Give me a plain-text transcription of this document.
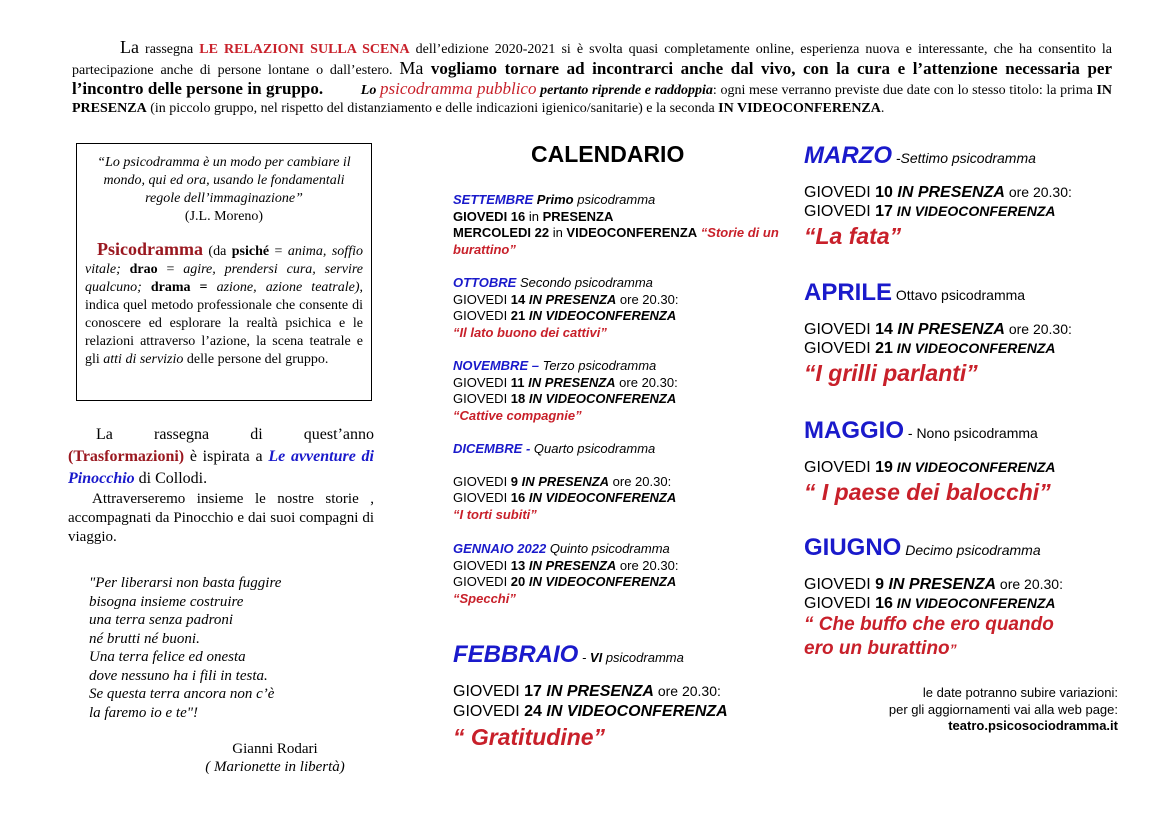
La rassegna LE RELAZIONI SULLA SCENA dell’edizione 2020-2021 si è svolta quasi completamente online, esperienza nuova e interessante, che ha consentito la partecipazione anche di persone lontane o dall’estero. Ma vogliamo tornare ad incontrarci anche dal vivo, con la cura e l’attenzione necessaria per l’incontro delle persone in gruppo.	Lo psicodramma pubblico pertanto riprende e raddoppia: ogni mese verranno previste due date con lo stesso titolo: la prima IN PRESENZA (in piccolo gruppo, nel rispetto del distanziamento e delle indicazioni igienico/sanitarie) e la seconda IN VIDEOCONFERENZA.
“Lo psicodramma è un modo per cambiare il mondo, qui ed ora, usando le fondamentali regole dell’immaginazione”
(J.L. Moreno)
Psicodramma (da psiché = anima, soffio vitale; drao = agire, prendersi cura, servire qualcuno; drama = azione, azione teatrale), indica quel metodo professionale che consente di conoscere ed esplorare la realtà psichica e le relazioni attraverso l’azione, la scena teatrale e gli atti di servizio delle persone del gruppo.
La rassegna di quest’anno (Trasformazioni) è ispirata a Le avventure di Pinocchio di Collodi.
Attraverseremo insieme le nostre storie , accompagnati da Pinocchio e dai suoi compagni di viaggio.
"Per liberarsi non basta fuggire
bisogna insieme costruire
una terra senza padroni
né brutti né buoni.
Una terra felice ed onesta
dove nessuno ha i fili in testa.
Se questa terra ancora non c’è
la faremo io e te"!
Gianni Rodari
( Marionette in libertà)
CALENDARIO
SETTEMBRE Primo psicodramma
GIOVEDI 16 in PRESENZA
MERCOLEDI 22 in VIDEOCONFERENZA “Storie di un burattino”
OTTOBRE Secondo psicodramma
GIOVEDI 14 IN PRESENZA ore 20.30:
GIOVEDI 21 IN VIDEOCONFERENZA
“Il lato buono dei cattivi”
NOVEMBRE – Terzo psicodramma
GIOVEDI 11 IN PRESENZA ore 20.30:
GIOVEDI 18 IN VIDEOCONFERENZA
“Cattive compagnie”
DICEMBRE - Quarto psicodramma
GIOVEDI 9 IN PRESENZA ore 20.30:
GIOVEDI 16 IN VIDEOCONFERENZA
“I torti subiti”
GENNAIO 2022 Quinto psicodramma
GIOVEDI 13 IN PRESENZA ore 20.30:
GIOVEDI 20 IN VIDEOCONFERENZA
“Specchi”
FEBBRAIO - VI psicodramma
GIOVEDI 17 IN PRESENZA ore 20.30:
GIOVEDI 24 IN VIDEOCONFERENZA
“ Gratitudine”
MARZO -Settimo psicodramma
GIOVEDI 10 IN PRESENZA ore 20.30:
GIOVEDI 17 IN VIDEOCONFERENZA
“La fata”
APRILE Ottavo psicodramma
GIOVEDI 14 IN PRESENZA ore 20.30:
GIOVEDI 21 IN VIDEOCONFERENZA
“I grilli parlanti”
MAGGIO - Nono psicodramma
GIOVEDI 19 IN VIDEOCONFERENZA
“ I paese dei balocchi”
GIUGNO Decimo psicodramma
GIOVEDI 9 IN PRESENZA ore 20.30:
GIOVEDI 16 IN VIDEOCONFERENZA
“ Che buffo che ero quando
ero un burattino”
le date potranno subire variazioni:
per gli aggiornamenti vai alla web page:
teatro.psicosociodramma.it
